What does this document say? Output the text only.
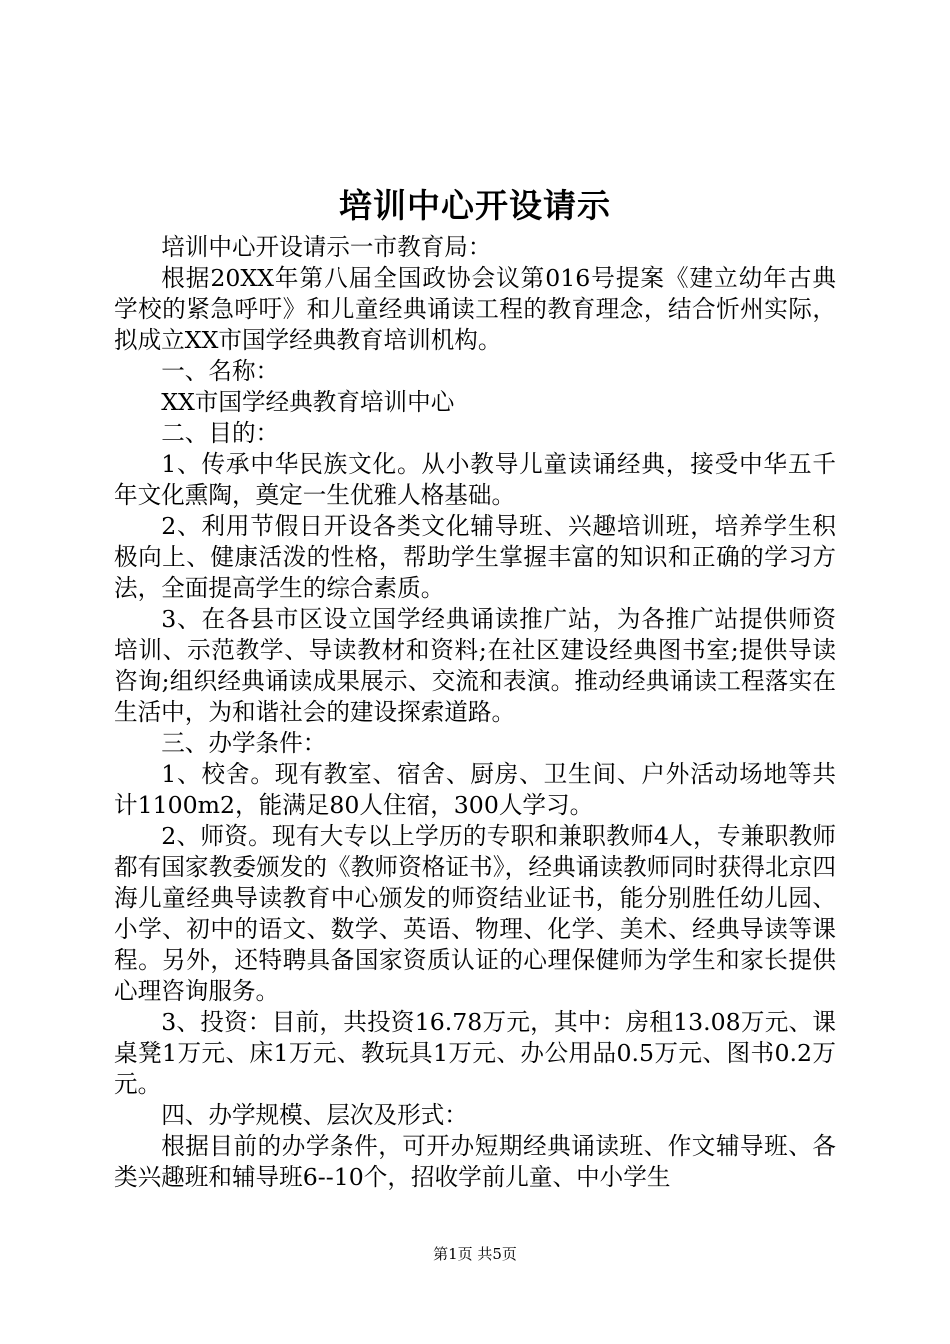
培训中心开设请示

培训中心开设请示一市教育局：

根据20XX年第八届全国政协会议第016号提案《建立幼年古典学校的紧急呼吁》和儿童经典诵读工程的教育理念，结合忻州实际，拟成立XX市国学经典教育培训机构。

一、名称：

XX市国学经典教育培训中心

二、目的：

1、传承中华民族文化。从小教导儿童读诵经典，接受中华五千年文化熏陶，奠定一生优雅人格基础。

2、利用节假日开设各类文化辅导班、兴趣培训班，培养学生积极向上、健康活泼的性格，帮助学生掌握丰富的知识和正确的学习方法，全面提高学生的综合素质。

3、在各县市区设立国学经典诵读推广站，为各推广站提供师资培训、示范教学、导读教材和资料;在社区建设经典图书室;提供导读咨询;组织经典诵读成果展示、交流和表演。推动经典诵读工程落实在生活中，为和谐社会的建设探索道路。

三、办学条件：

1、校舍。现有教室、宿舍、厨房、卫生间、户外活动场地等共计1100m2，能满足80人住宿，300人学习。

2、师资。现有大专以上学历的专职和兼职教师4人，专兼职教师都有国家教委颁发的《教师资格证书》，经典诵读教师同时获得北京四海儿童经典导读教育中心颁发的师资结业证书，能分别胜任幼儿园、小学、初中的语文、数学、英语、物理、化学、美术、经典导读等课程。另外，还特聘具备国家资质认证的心理保健师为学生和家长提供心理咨询服务。

3、投资：目前，共投资16.78万元，其中：房租13.08万元、课桌凳1万元、床1万元、教玩具1万元、办公用品0.5万元、图书0.2万元。

四、办学规模、层次及形式：

根据目前的办学条件，可开办短期经典诵读班、作文辅导班、各类兴趣班和辅导班6--10个，招收学前儿童、中小学生

第1页 共5页
